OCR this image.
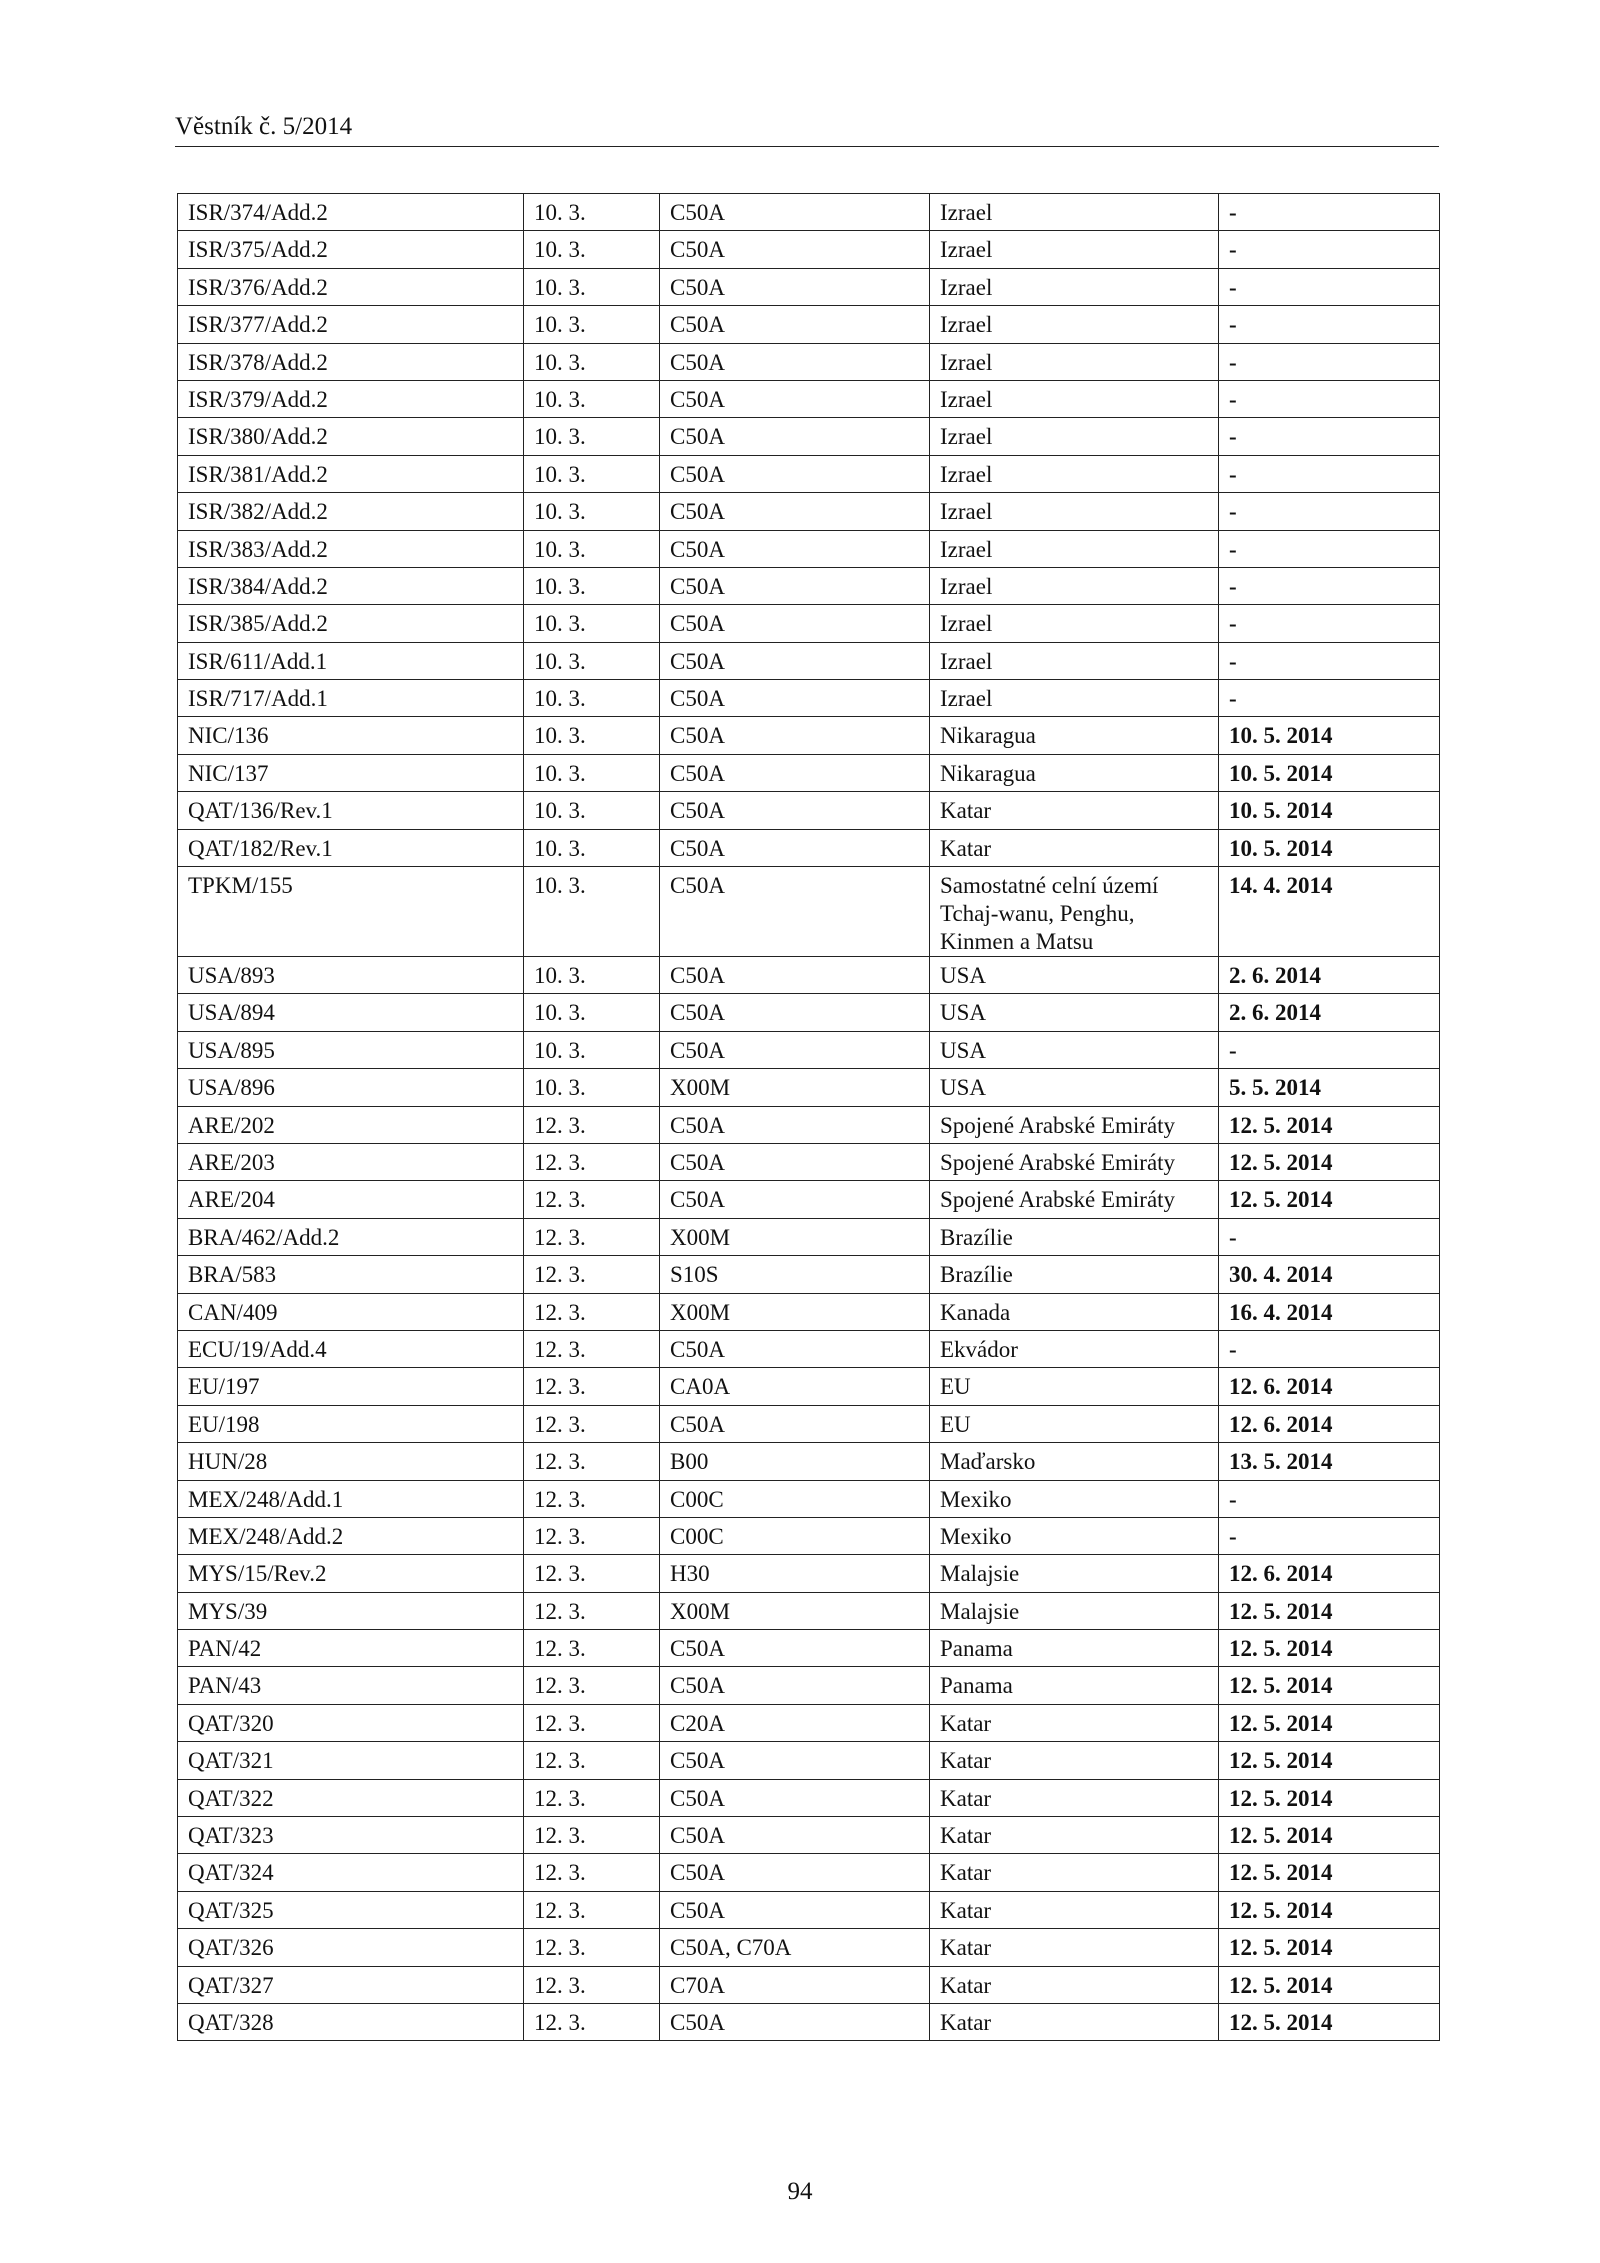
Věstník č. 5/2014
ISR/374/Add.2	10. 3.	C50A	Izrael	-
ISR/375/Add.2	10. 3.	C50A	Izrael	-
ISR/376/Add.2	10. 3.	C50A	Izrael	-
ISR/377/Add.2	10. 3.	C50A	Izrael	-
ISR/378/Add.2	10. 3.	C50A	Izrael	-
ISR/379/Add.2	10. 3.	C50A	Izrael	-
ISR/380/Add.2	10. 3.	C50A	Izrael	-
ISR/381/Add.2	10. 3.	C50A	Izrael	-
ISR/382/Add.2	10. 3.	C50A	Izrael	-
ISR/383/Add.2	10. 3.	C50A	Izrael	-
ISR/384/Add.2	10. 3.	C50A	Izrael	-
ISR/385/Add.2	10. 3.	C50A	Izrael	-
ISR/611/Add.1	10. 3.	C50A	Izrael	-
ISR/717/Add.1	10. 3.	C50A	Izrael	-
NIC/136	10. 3.	C50A	Nikaragua	10. 5. 2014
NIC/137	10. 3.	C50A	Nikaragua	10. 5. 2014
QAT/136/Rev.1	10. 3.	C50A	Katar	10. 5. 2014
QAT/182/Rev.1	10. 3.	C50A	Katar	10. 5. 2014
TPKM/155	10. 3.	C50A	Samostatné celní území Tchaj-wanu, Penghu, Kinmen a Matsu	14. 4. 2014
USA/893	10. 3.	C50A	USA	2. 6. 2014
USA/894	10. 3.	C50A	USA	2. 6. 2014
USA/895	10. 3.	C50A	USA	-
USA/896	10. 3.	X00M	USA	5. 5. 2014
ARE/202	12. 3.	C50A	Spojené Arabské Emiráty	12. 5. 2014
ARE/203	12. 3.	C50A	Spojené Arabské Emiráty	12. 5. 2014
ARE/204	12. 3.	C50A	Spojené Arabské Emiráty	12. 5. 2014
BRA/462/Add.2	12. 3.	X00M	Brazílie	-
BRA/583	12. 3.	S10S	Brazílie	30. 4. 2014
CAN/409	12. 3.	X00M	Kanada	16. 4. 2014
ECU/19/Add.4	12. 3.	C50A	Ekvádor	-
EU/197	12. 3.	CA0A	EU	12. 6. 2014
EU/198	12. 3.	C50A	EU	12. 6. 2014
HUN/28	12. 3.	B00	Maďarsko	13. 5. 2014
MEX/248/Add.1	12. 3.	C00C	Mexiko	-
MEX/248/Add.2	12. 3.	C00C	Mexiko	-
MYS/15/Rev.2	12. 3.	H30	Malajsie	12. 6. 2014
MYS/39	12. 3.	X00M	Malajsie	12. 5. 2014
PAN/42	12. 3.	C50A	Panama	12. 5. 2014
PAN/43	12. 3.	C50A	Panama	12. 5. 2014
QAT/320	12. 3.	C20A	Katar	12. 5. 2014
QAT/321	12. 3.	C50A	Katar	12. 5. 2014
QAT/322	12. 3.	C50A	Katar	12. 5. 2014
QAT/323	12. 3.	C50A	Katar	12. 5. 2014
QAT/324	12. 3.	C50A	Katar	12. 5. 2014
QAT/325	12. 3.	C50A	Katar	12. 5. 2014
QAT/326	12. 3.	C50A, C70A	Katar	12. 5. 2014
QAT/327	12. 3.	C70A	Katar	12. 5. 2014
QAT/328	12. 3.	C50A	Katar	12. 5. 2014
94
